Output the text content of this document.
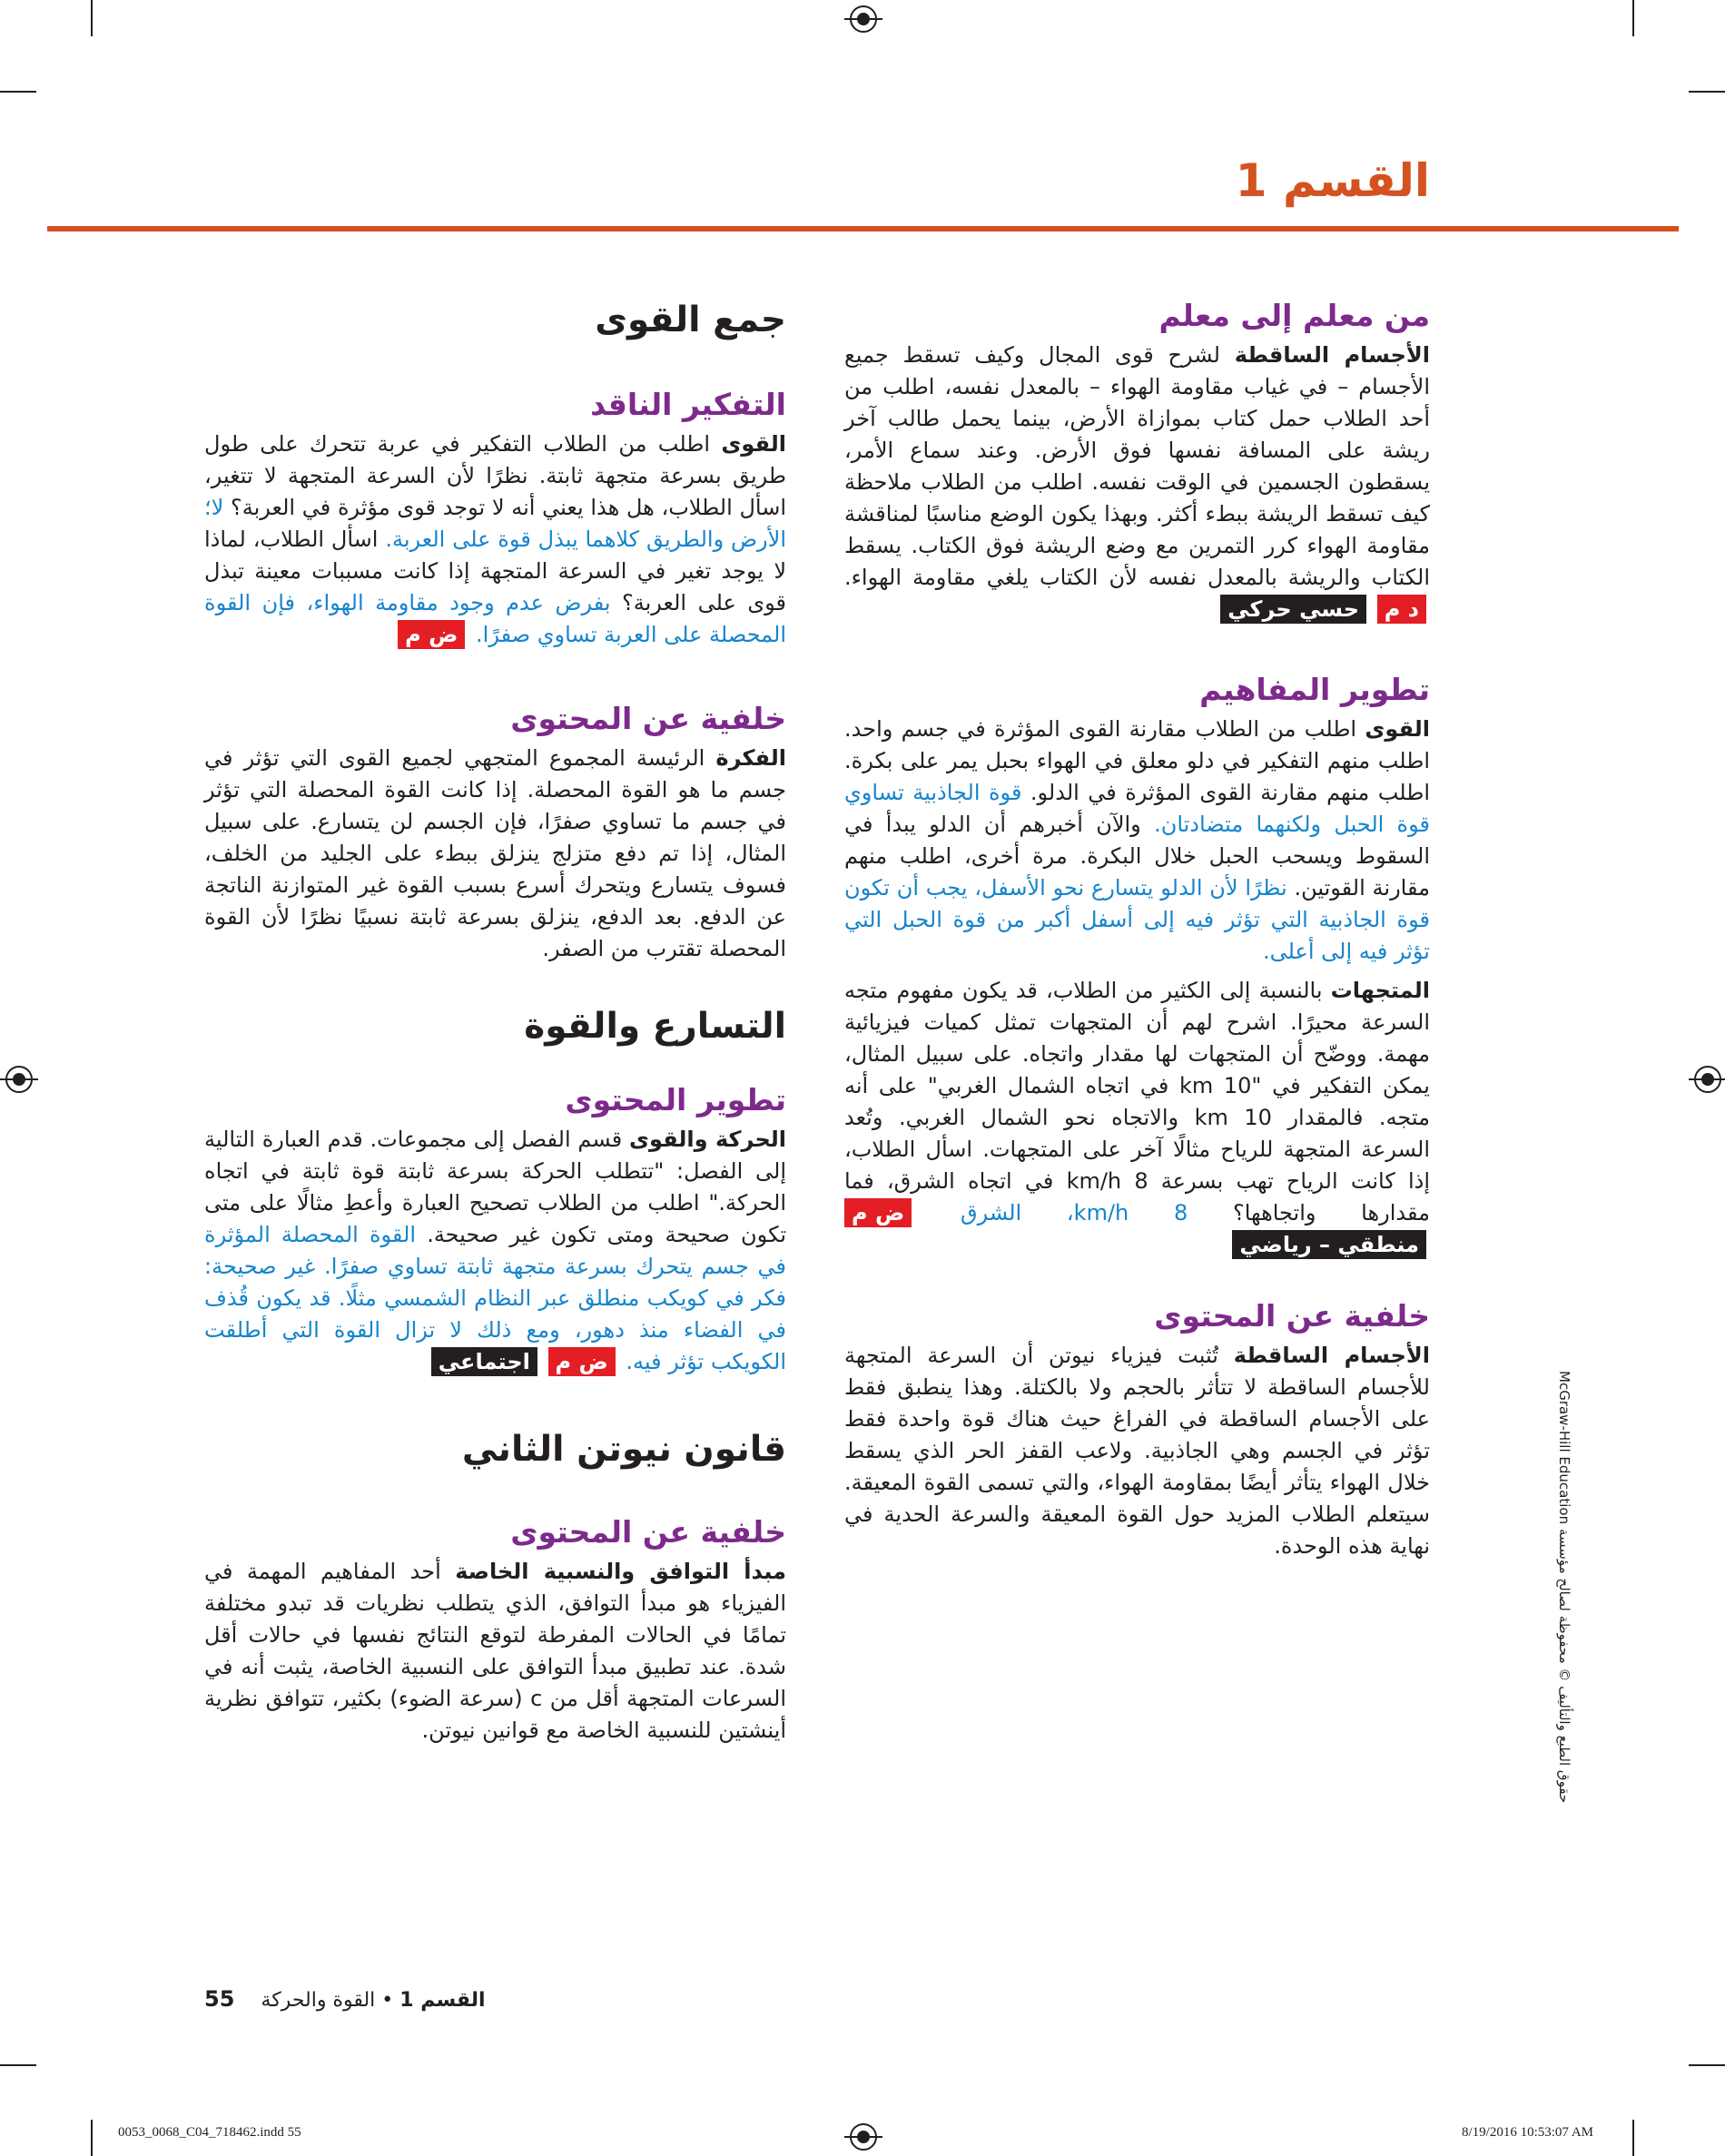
القسم 1
من معلم إلى معلم

الأجسام الساقطة لشرح قوى المجال وكيف تسقط جميع الأجسام – في غياب مقاومة الهواء – بالمعدل نفسه، اطلب من أحد الطلاب حمل كتاب بموازاة الأرض، بينما يحمل طالب آخر ريشة على المسافة نفسها فوق الأرض. وعند سماع الأمر، يسقطون الجسمين في الوقت نفسه. اطلب من الطلاب ملاحظة كيف تسقط الريشة ببطء أكثر. وبهذا يكون الوضع مناسبًا لمناقشة مقاومة الهواء كرر التمرين مع وضع الريشة فوق الكتاب. يسقط الكتاب والريشة بالمعدل نفسه لأن الكتاب يلغي مقاومة الهواء. د م حسي حركي

تطوير المفاهيم

القوى اطلب من الطلاب مقارنة القوى المؤثرة في جسم واحد. اطلب منهم التفكير في دلو معلق في الهواء بحبل يمر على بكرة. اطلب منهم مقارنة القوى المؤثرة في الدلو. قوة الجاذبية تساوي قوة الحبل ولكنهما متضادتان. والآن أخبرهم أن الدلو يبدأ في السقوط ويسحب الحبل خلال البكرة. مرة أخرى، اطلب منهم مقارنة القوتين. نظرًا لأن الدلو يتسارع نحو الأسفل، يجب أن تكون قوة الجاذبية التي تؤثر فيه إلى أسفل أكبر من قوة الحبل التي تؤثر فيه إلى أعلى.

المتجهات بالنسبة إلى الكثير من الطلاب، قد يكون مفهوم متجه السرعة محيرًا. اشرح لهم أن المتجهات تمثل كميات فيزيائية مهمة. ووضّح أن المتجهات لها مقدار واتجاه. على سبيل المثال، يمكن التفكير في "10 km في اتجاه الشمال الغربي" على أنه متجه. فالمقدار 10 km والاتجاه نحو الشمال الغربي. وتُعد السرعة المتجهة للرياح مثالًا آخر على المتجهات. اسأل الطلاب، إذا كانت الرياح تهب بسرعة 8 km/h في اتجاه الشرق، فما مقدارها واتجاهها؟ 8 km/h، الشرق ض م منطقي – رياضي

خلفية عن المحتوى

الأجسام الساقطة تُثبت فيزياء نيوتن أن السرعة المتجهة للأجسام الساقطة لا تتأثر بالحجم ولا بالكتلة. وهذا ينطبق فقط على الأجسام الساقطة في الفراغ حيث هناك قوة واحدة فقط تؤثر في الجسم وهي الجاذبية. ولاعب القفز الحر الذي يسقط خلال الهواء يتأثر أيضًا بمقاومة الهواء، والتي تسمى القوة المعيقة. سيتعلم الطلاب المزيد حول القوة المعيقة والسرعة الحدية في نهاية هذه الوحدة.

جمع القوى
التفكير الناقد

القوى اطلب من الطلاب التفكير في عربة تتحرك على طول طريق بسرعة متجهة ثابتة. نظرًا لأن السرعة المتجهة لا تتغير، اسأل الطلاب، هل هذا يعني أنه لا توجد قوى مؤثرة في العربة؟ لا؛ الأرض والطريق كلاهما يبذل قوة على العربة. اسأل الطلاب، لماذا لا يوجد تغير في السرعة المتجهة إذا كانت مسببات معينة تبذل قوى على العربة؟ بفرض عدم وجود مقاومة الهواء، فإن القوة المحصلة على العربة تساوي صفرًا. ض م

خلفية عن المحتوى

الفكرة الرئيسة المجموع المتجهي لجميع القوى التي تؤثر في جسم ما هو القوة المحصلة. إذا كانت القوة المحصلة التي تؤثر في جسم ما تساوي صفرًا، فإن الجسم لن يتسارع. على سبيل المثال، إذا تم دفع متزلج ينزلق ببطء على الجليد من الخلف، فسوف يتسارع ويتحرك أسرع بسبب القوة غير المتوازنة الناتجة عن الدفع. بعد الدفع، ينزلق بسرعة ثابتة نسبيًا نظرًا لأن القوة المحصلة تقترب من الصفر.

التسارع والقوة
تطوير المحتوى

الحركة والقوى قسم الفصل إلى مجموعات. قدم العبارة التالية إلى الفصل: "تتطلب الحركة بسرعة ثابتة قوة ثابتة في اتجاه الحركة." اطلب من الطلاب تصحيح العبارة وأعطِ مثالًا على متى تكون صحيحة ومتى تكون غير صحيحة. القوة المحصلة المؤثرة في جسم يتحرك بسرعة متجهة ثابتة تساوي صفرًا. غير صحيحة: فكر في كويكب منطلق عبر النظام الشمسي مثلًا. قد يكون قُذف في الفضاء منذ دهور، ومع ذلك لا تزال القوة التي أطلقت الكويكب تؤثر فيه. ض م اجتماعي

قانون نيوتن الثاني
خلفية عن المحتوى

مبدأ التوافق والنسبية الخاصة أحد المفاهيم المهمة في الفيزياء هو مبدأ التوافق، الذي يتطلب نظريات قد تبدو مختلفة تمامًا في الحالات المفرطة لتوقع النتائج نفسها في حالات أقل شدة. عند تطبيق مبدأ التوافق على النسبية الخاصة، يثبت أنه في السرعات المتجهة أقل من c (سرعة الضوء) بكثير، تتوافق نظرية أينشتين للنسبية الخاصة مع قوانين نيوتن.

حقوق الطبع والتأليف © محفوظة لصالح مؤسسة McGraw-Hill Education
القسم 1 • القوة والحركة 55
0053_0068_C04_718462.indd 55	8/19/2016 10:53:07 AM
